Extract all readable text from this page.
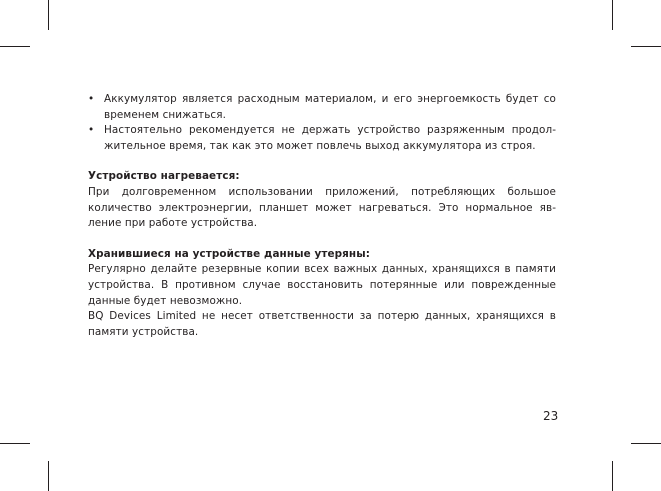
• Аккумулятор является расходным материалом, и его энергоемкость будет со временем снижаться.
• Настоятельно рекомендуется не держать устройство разряженным продолжительное время, так как это может повлечь выход аккумулятора из строя.

Устройство нагревается:

При долговременном использовании приложений, потребляющих большое количество электроэнергии, планшет может нагреваться. Это нормальное явление при работе устройства.

Хранившиеся на устройстве данные утеряны:

Регулярно делайте резервные копии всех важных данных, хранящихся в памяти устройства. В противном случае восстановить потерянные или поврежденные данные будет невозможно.

BQ Devices Limited не несет ответственности за потерю данных, хранящихся в памяти устройства.

23
